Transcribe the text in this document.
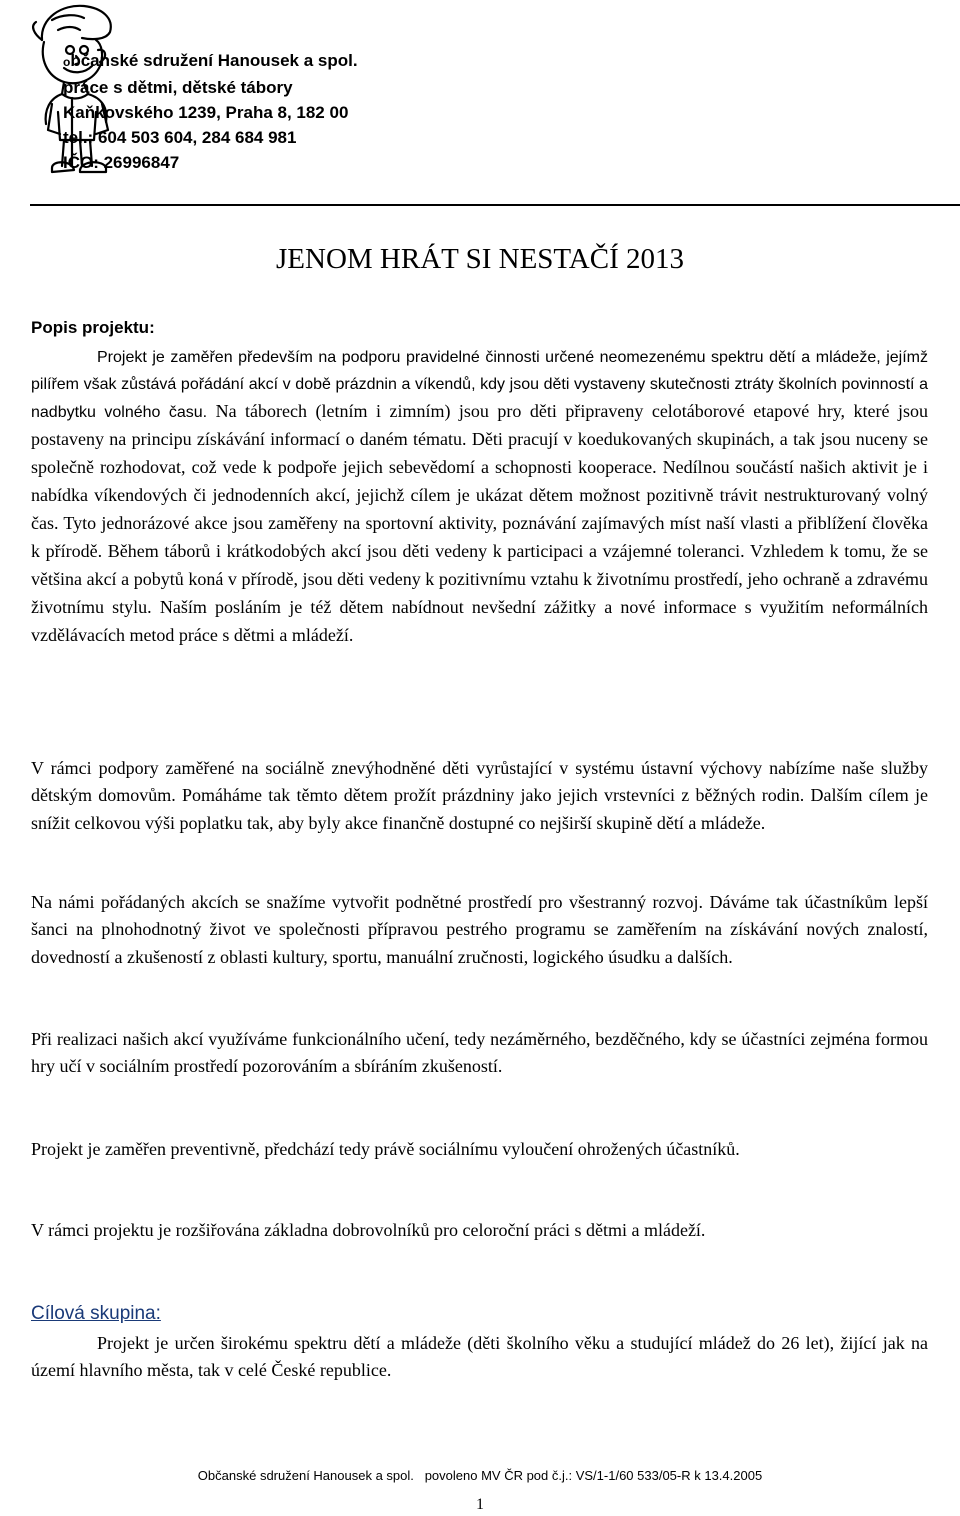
občanské sdružení Hanousek a spol.
práce s dětmi, dětské tábory
Kaňkovského 1239, Praha 8, 182 00
tel.: 604 503 604, 284 684 981
IČO: 26996847
JENOM HRÁT SI NESTAČÍ 2013
Popis projektu:
Projekt je zaměřen především na podporu pravidelné činnosti určené neomezenému spektru dětí a mládeže, jejímž pilířem však zůstává pořádání akcí v době prázdnin a víkendů, kdy jsou děti vystaveny skutečnosti ztráty školních povinností a nadbytku volného času. Na táborech (letním i zimním) jsou pro děti připraveny celotáborové etapové hry, které jsou postaveny na principu získávání informací o daném tématu. Děti pracují v koedukovaných skupinách, a tak jsou nuceny se společně rozhodovat, což vede k podpoře jejich sebevědomí a schopnosti kooperace. Nedílnou součástí našich aktivit je i nabídka víkendových či jednodenních akcí, jejichž cílem je ukázat dětem možnost pozitivně trávit nestrukturovaný volný čas. Tyto jednorázové akce jsou zaměřeny na sportovní aktivity, poznávání zajímavých míst naší vlasti a přiblížení člověka k přírodě. Během táborů i krátkodobých akcí jsou děti vedeny k participaci a vzájemné toleranci. Vzhledem k tomu, že se většina akcí a pobytů koná v přírodě, jsou děti vedeny k pozitivnímu vztahu k životnímu prostředí, jeho ochraně a zdravému životnímu stylu. Naším posláním je též dětem nabídnout nevšední zážitky a nové informace s využitím neformálních vzdělávacích metod práce s dětmi a mládeží.
V rámci podpory zaměřené na sociálně znevýhodněné děti vyrůstající v systému ústavní výchovy nabízíme naše služby dětským domovům. Pomáháme tak těmto dětem prožít prázdniny jako jejich vrstevníci z běžných rodin. Dalším cílem je snížit celkovou výši poplatku tak, aby byly akce finančně dostupné co nejširší skupině dětí a mládeže.
Na námi pořádaných akcích se snažíme vytvořit podnětné prostředí pro všestranný rozvoj. Dáváme tak účastníkům lepší šanci na plnohodnotný život ve společnosti přípravou pestrého programu se zaměřením na získávání nových znalostí, dovedností a zkušeností z oblasti kultury, sportu, manuální zručnosti, logického úsudku a dalších.
Při realizaci našich akcí využíváme funkcionálního učení, tedy nezáměrného, bezděčného, kdy se účastníci zejména formou hry učí v sociálním prostředí pozorováním a sbíráním zkušeností.
Projekt je zaměřen preventivně, předchází tedy právě sociálnímu vyloučení ohrožených účastníků.
V rámci projektu je rozšiřována základna dobrovolníků pro celoroční práci s dětmi a mládeží.
Cílová skupina:
Projekt je určen širokému spektru dětí a mládeže (děti školního věku a studující mládež do 26 let), žijící jak na území hlavního města, tak v celé České republice.
Občanské sdružení Hanousek a spol.   povoleno MV ČR pod č.j.: VS/1-1/60 533/05-R k 13.4.2005
1
